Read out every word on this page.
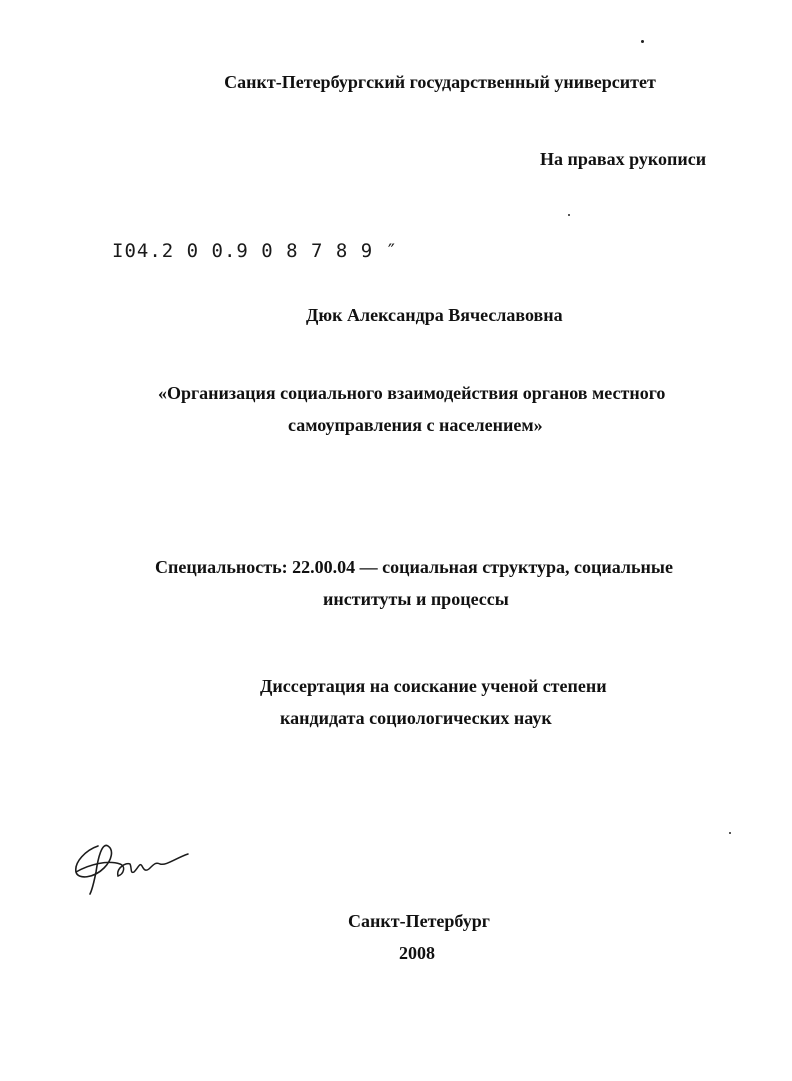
Санкт-Петербургский государственный университет

На правах рукописи

I04.2 0 0.9 0 8 7 8 9 ″

Дюк Александра Вячеславовна

«Организация социального взаимодействия органов местного

самоуправления с населением»

Специальность: 22.00.04 — социальная структура, социальные

институты и процессы

Диссертация на соискание ученой степени

кандидата социологических наук

Санкт-Петербург

2008
